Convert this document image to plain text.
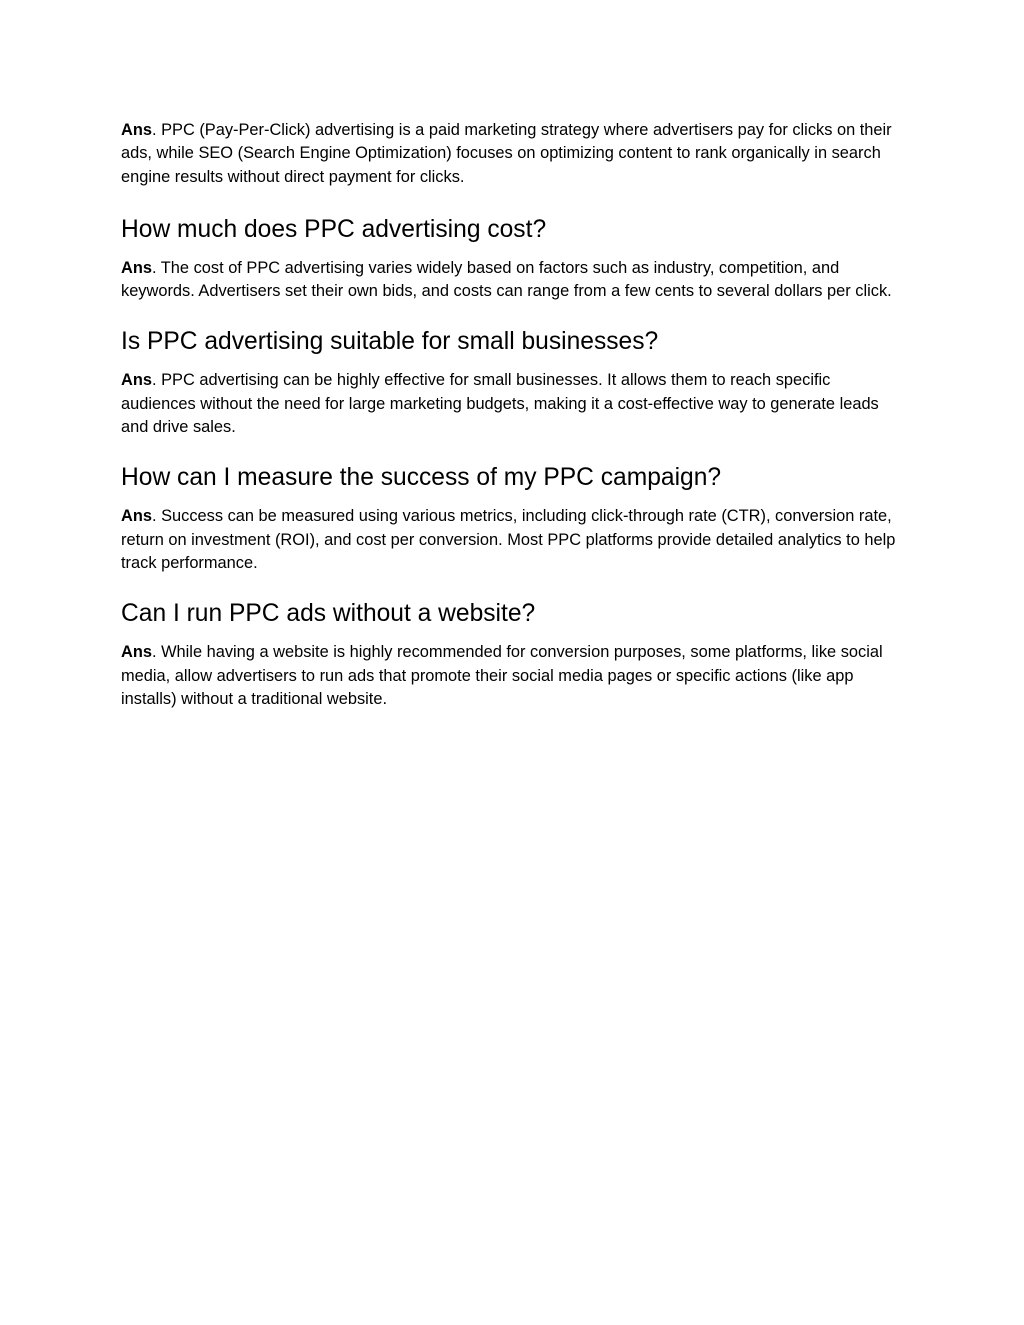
Ans. PPC (Pay-Per-Click) advertising is a paid marketing strategy where advertisers pay for clicks on their ads, while SEO (Search Engine Optimization) focuses on optimizing content to rank organically in search engine results without direct payment for clicks.

How much does PPC advertising cost?

Ans. The cost of PPC advertising varies widely based on factors such as industry, competition, and keywords. Advertisers set their own bids, and costs can range from a few cents to several dollars per click.

Is PPC advertising suitable for small businesses?

Ans. PPC advertising can be highly effective for small businesses. It allows them to reach specific audiences without the need for large marketing budgets, making it a cost-effective way to generate leads and drive sales.

How can I measure the success of my PPC campaign?

Ans. Success can be measured using various metrics, including click-through rate (CTR), conversion rate, return on investment (ROI), and cost per conversion. Most PPC platforms provide detailed analytics to help track performance.

Can I run PPC ads without a website?

Ans. While having a website is highly recommended for conversion purposes, some platforms, like social media, allow advertisers to run ads that promote their social media pages or specific actions (like app installs) without a traditional website.
